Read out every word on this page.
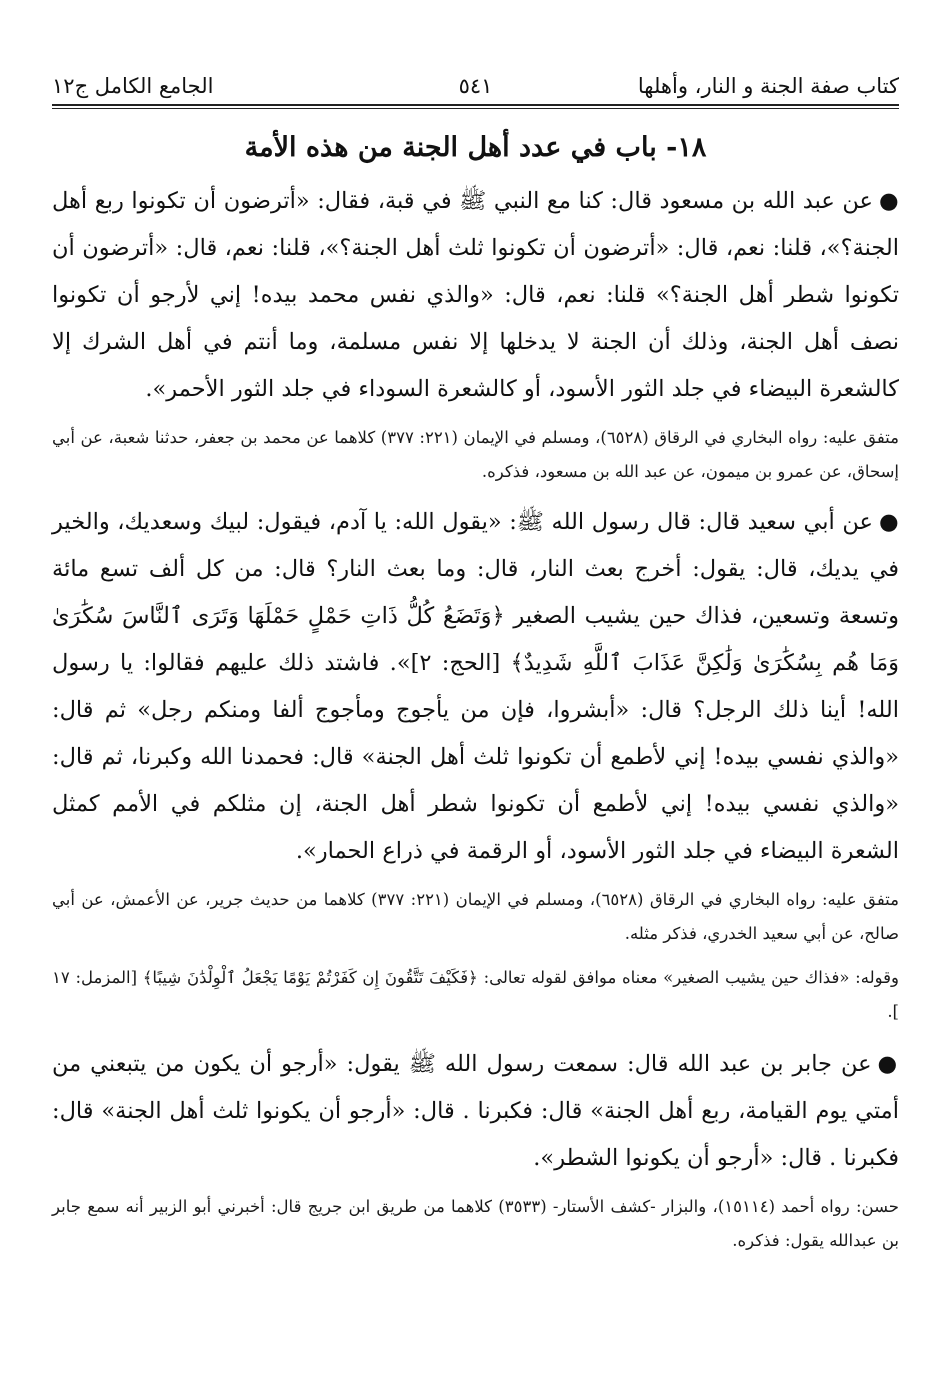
كتاب صفة الجنة و النار، وأهلها
٥٤١
الجامع الكامل ج١٢
١٨- باب في عدد أهل الجنة من هذه الأمة

●عن عبد الله بن مسعود قال: كنا مع النبي ﷺ في قبة، فقال: «أترضون أن تكونوا ربع أهل الجنة؟»، قلنا: نعم، قال: «أترضون أن تكونوا ثلث أهل الجنة؟»، قلنا: نعم، قال: «أترضون أن تكونوا شطر أهل الجنة؟» قلنا: نعم، قال: «والذي نفس محمد بيده! إني لأرجو أن تكونوا نصف أهل الجنة، وذلك أن الجنة لا يدخلها إلا نفس مسلمة، وما أنتم في أهل الشرك إلا كالشعرة البيضاء في جلد الثور الأسود، أو كالشعرة السوداء في جلد الثور الأحمر».

متفق عليه: رواه البخاري في الرقاق (٦٥٢٨)، ومسلم في الإيمان (٢٢١: ٣٧٧) كلاهما عن محمد بن جعفر، حدثنا شعبة، عن أبي إسحاق، عن عمرو بن ميمون، عن عبد الله بن مسعود، فذكره.

●عن أبي سعيد قال: قال رسول الله ﷺ: «يقول الله: يا آدم، فيقول: لبيك وسعديك، والخير في يديك، قال: يقول: أخرج بعث النار، قال: وما بعث النار؟ قال: من كل ألف تسع مائة وتسعة وتسعين، فذاك حين يشيب الصغير ﴿وَتَضَعُ كُلُّ ذَاتِ حَمْلٍ حَمْلَهَا وَتَرَى ٱلنَّاسَ سُكَٰرَىٰ وَمَا هُم بِسُكَٰرَىٰ وَلَٰكِنَّ عَذَابَ ٱللَّهِ شَدِيدٌ﴾ [الحج: ٢]». فاشتد ذلك عليهم فقالوا: يا رسول الله! أينا ذلك الرجل؟ قال: «أبشروا، فإن من يأجوج ومأجوج ألفا ومنكم رجل» ثم قال: «والذي نفسي بيده! إني لأطمع أن تكونوا ثلث أهل الجنة» قال: فحمدنا الله وكبرنا، ثم قال: «والذي نفسي بيده! إني لأطمع أن تكونوا شطر أهل الجنة، إن مثلكم في الأمم كمثل الشعرة البيضاء في جلد الثور الأسود، أو الرقمة في ذراع الحمار».

متفق عليه: رواه البخاري في الرقاق (٦٥٢٨)، ومسلم في الإيمان (٢٢١: ٣٧٧) كلاهما من حديث جرير، عن الأعمش، عن أبي صالح، عن أبي سعيد الخدري، فذكر مثله.

وقوله: «فذاك حين يشيب الصغير» معناه موافق لقوله تعالى: ﴿فَكَيْفَ تَتَّقُونَ إِن كَفَرْتُمْ يَوْمًا يَجْعَلُ ٱلْوِلْدَٰنَ شِيبًا﴾ [المزمل: ١٧ ].

●عن جابر بن عبد الله قال: سمعت رسول الله ﷺ يقول: «أرجو أن يكون من يتبعني من أمتي يوم القيامة، ربع أهل الجنة» قال: فكبرنا . قال: «أرجو أن يكونوا ثلث أهل الجنة» قال: فكبرنا . قال: «أرجو أن يكونوا الشطر».

حسن: رواه أحمد (١٥١١٤)، والبزار -كشف الأستار- (٣٥٣٣) كلاهما من طريق ابن جريج قال: أخبرني أبو الزبير أنه سمع جابر بن عبدالله يقول: فذكره.
